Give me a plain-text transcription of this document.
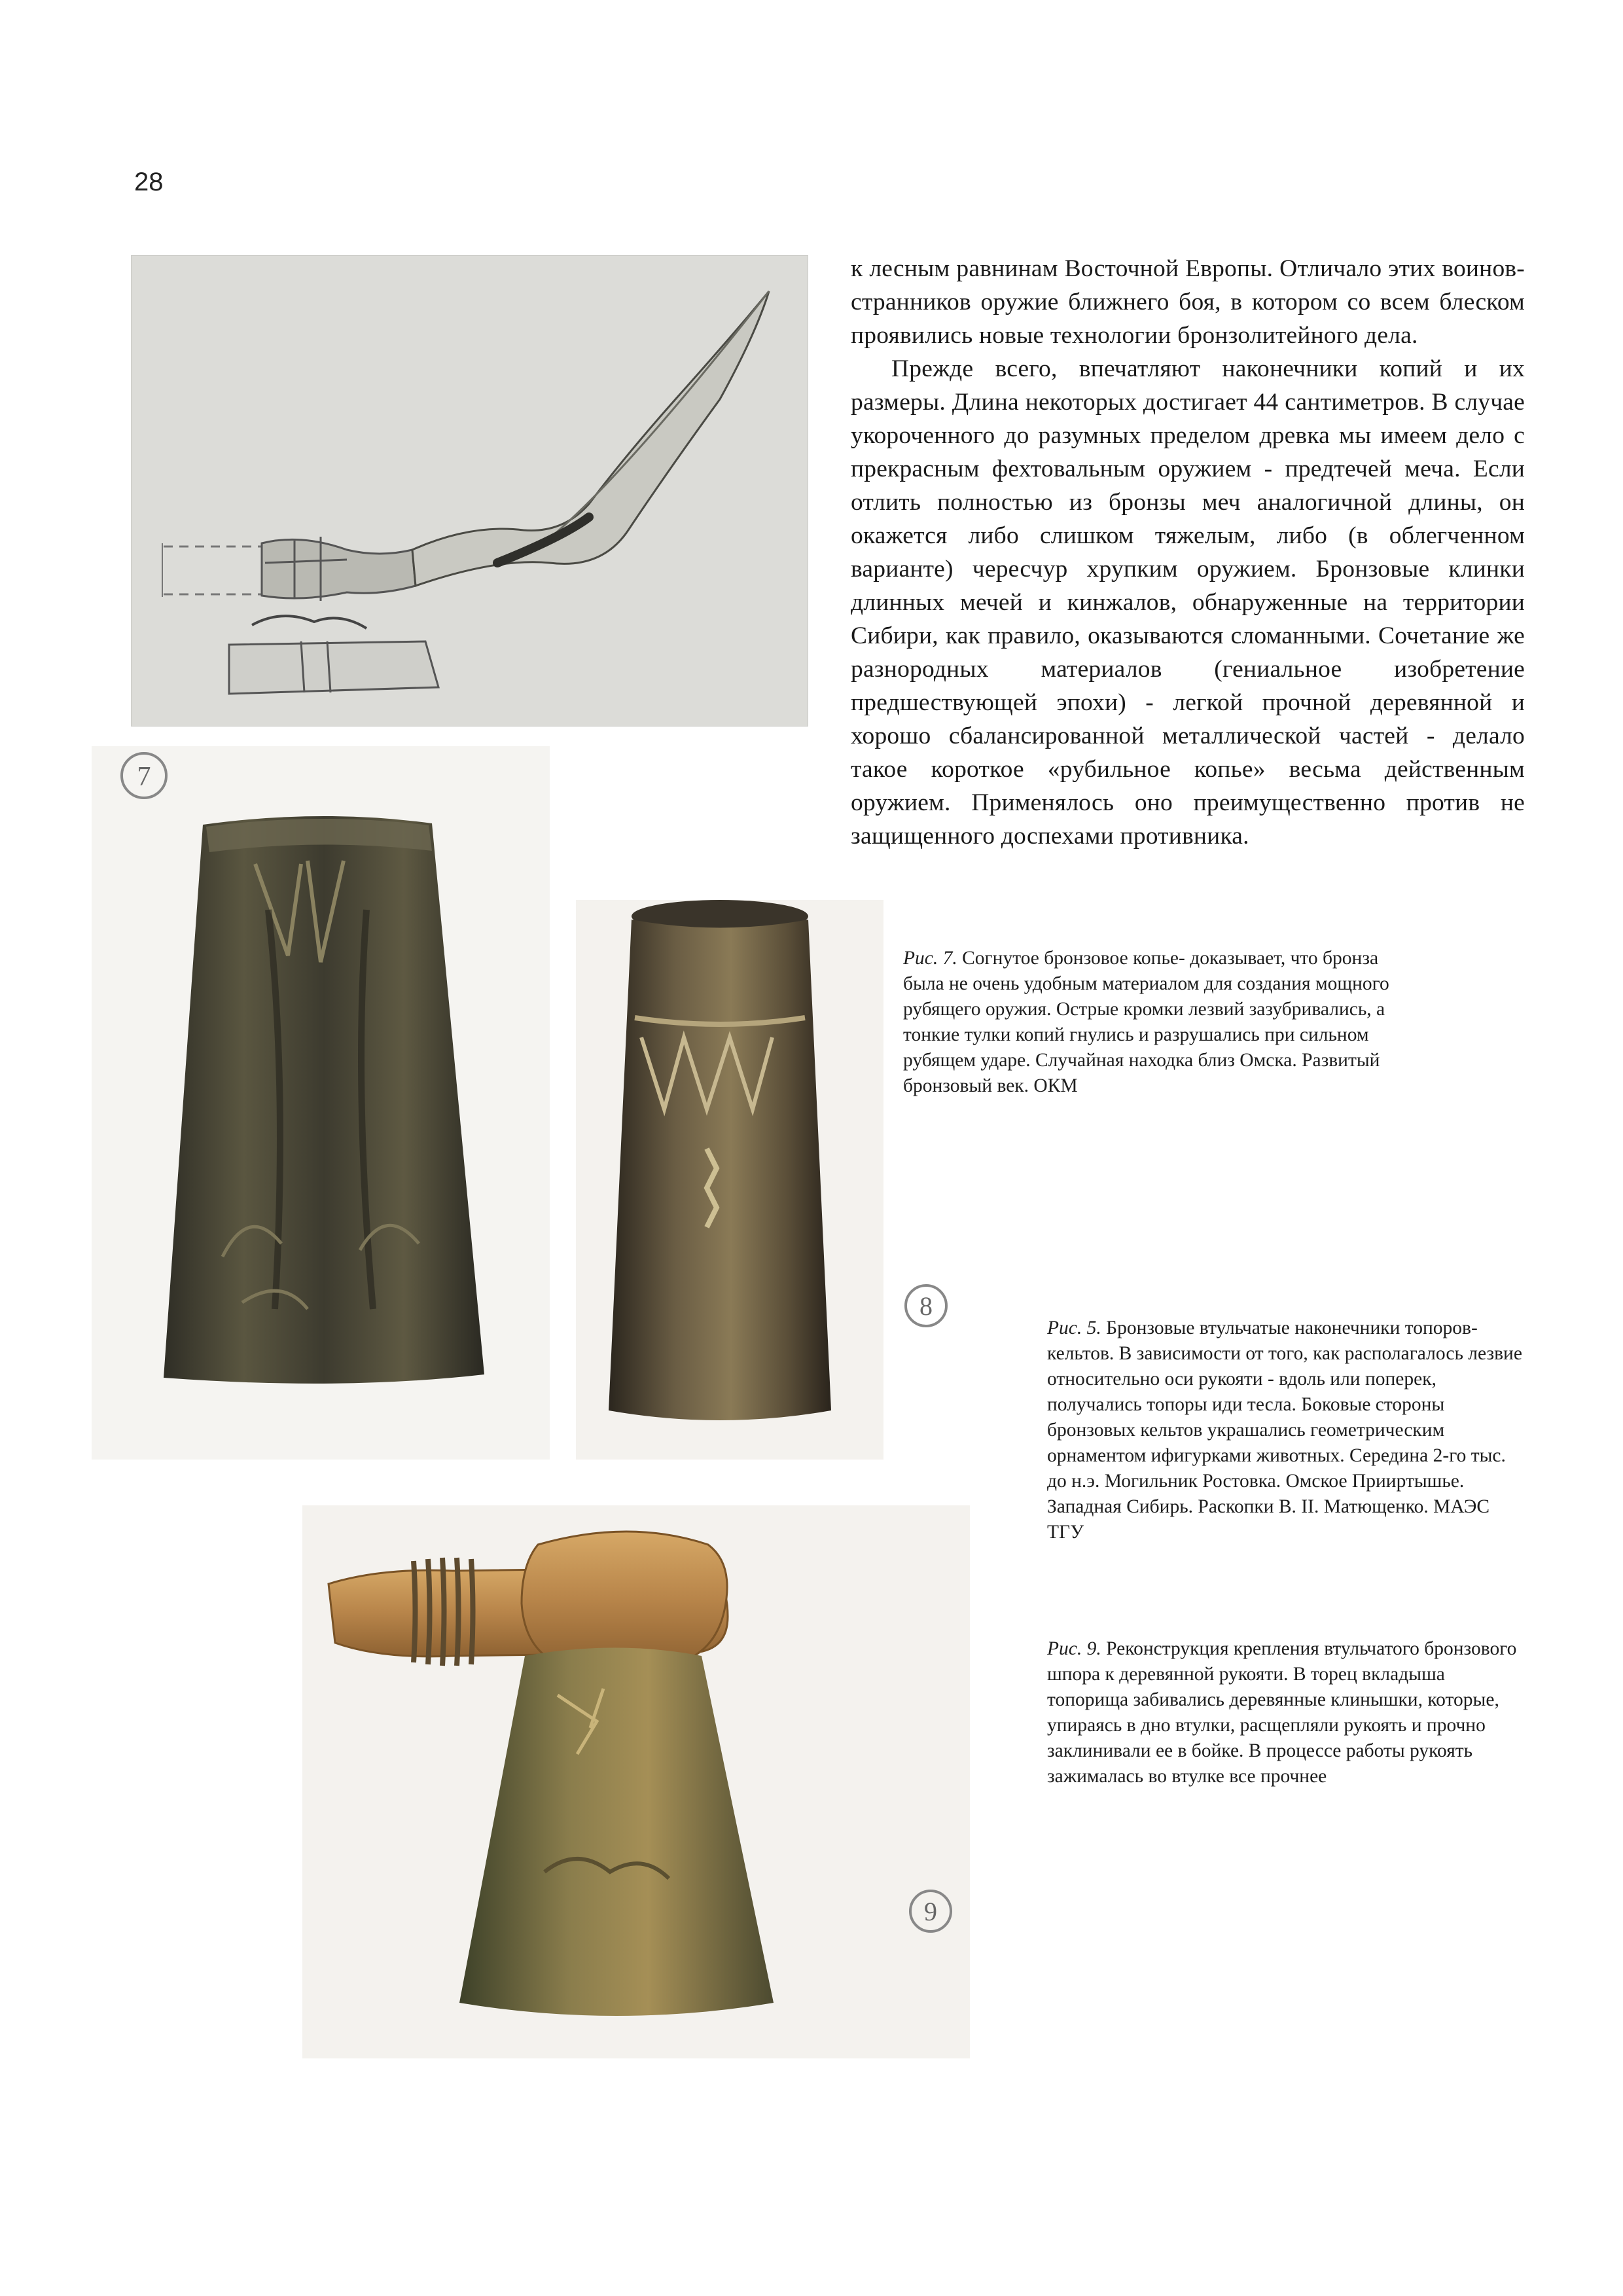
28

к лесным равнинам Восточной Европы. Отличало этих воинов-странников оружие ближнего боя, в котором со всем блеском проявились новые технологии бронзолитейного дела.

Прежде всего, впечатляют наконечники копий и их размеры. Длина некоторых достигает 44 сантиметров. В случае укороченного до разумных пределом древка мы имеем дело с прекрасным фехтовальным оружием - предтечей меча. Если отлить полностью из бронзы меч аналогичной длины, он окажется либо слишком тяжелым, либо (в облегченном варианте) чересчур хрупким оружием. Бронзовые клинки длинных мечей и кинжалов, обнаруженные на территории Сибири, как правило, оказываются сломанными. Сочетание же разнородных материалов (гениальное изобретение предшествующей эпохи) - легкой прочной деревянной и хорошо сбалансированной металлической частей - делало такое короткое «рубильное копье» весьма действенным оружием. Применялось оно преимущественно против не защищенного доспехами противника.

7
8
Рис. 7. Согнутое бронзовое копье- доказывает, что бронза была не очень удобным материалом для создания мощного рубящего оружия. Острые кромки лезвий зазубривались, а тонкие тулки копий гнулись и разрушались при сильном рубящем ударе. Случайная находка близ Омска. Развитый бронзовый век. ОКМ
Рис. 5. Бронзовые втульчатые наконечники топоров-кельтов. В зависимости от того, как располагалось лезвие относительно оси рукояти - вдоль или поперек, получались топоры иди тесла. Боковые стороны бронзовых кельтов украшались геометрическим орнаментом ифигурками животных. Середина 2-го тыс. до н.э. Могильник Ростовка. Омское Прииртышье. Западная Сибирь. Раскопки В. II. Матющенко. МАЭС ТГУ
9
Рис. 9. Реконструкция крепления втульчатого бронзового шпора к деревянной рукояти. В торец вкладыша топорища забивались деревянные клинышки, которые, упираясь в дно втулки, расщепляли рукоять и прочно заклинивали ее в бойке. В процессе работы рукоять зажималась во втулке все прочнее
